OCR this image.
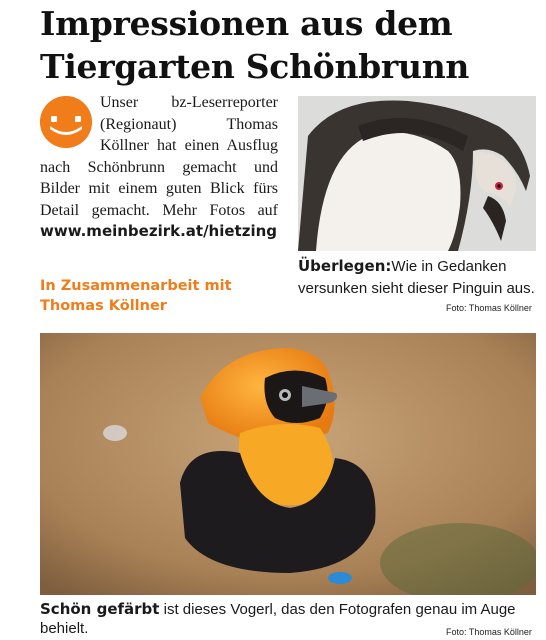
Impressionen aus dem Tiergarten Schönbrunn

Unser bz-Leserreporter (Regionaut) Thomas Köllner hat einen Ausflug nach Schönbrunn gemacht und Bilder mit einem guten Blick fürs Detail gemacht. Mehr Fotos auf www.meinbezirk.at/hietzing

In Zusammenarbeit mit Thomas Köllner

Überlegen:Wie in Gedanken versunken sieht dieser Pinguin aus.

Foto: Thomas Köllner

Schön gefärbt ist dieses Vogerl, das den Fotografen genau im Auge behielt.	Foto: Thomas Köllner
